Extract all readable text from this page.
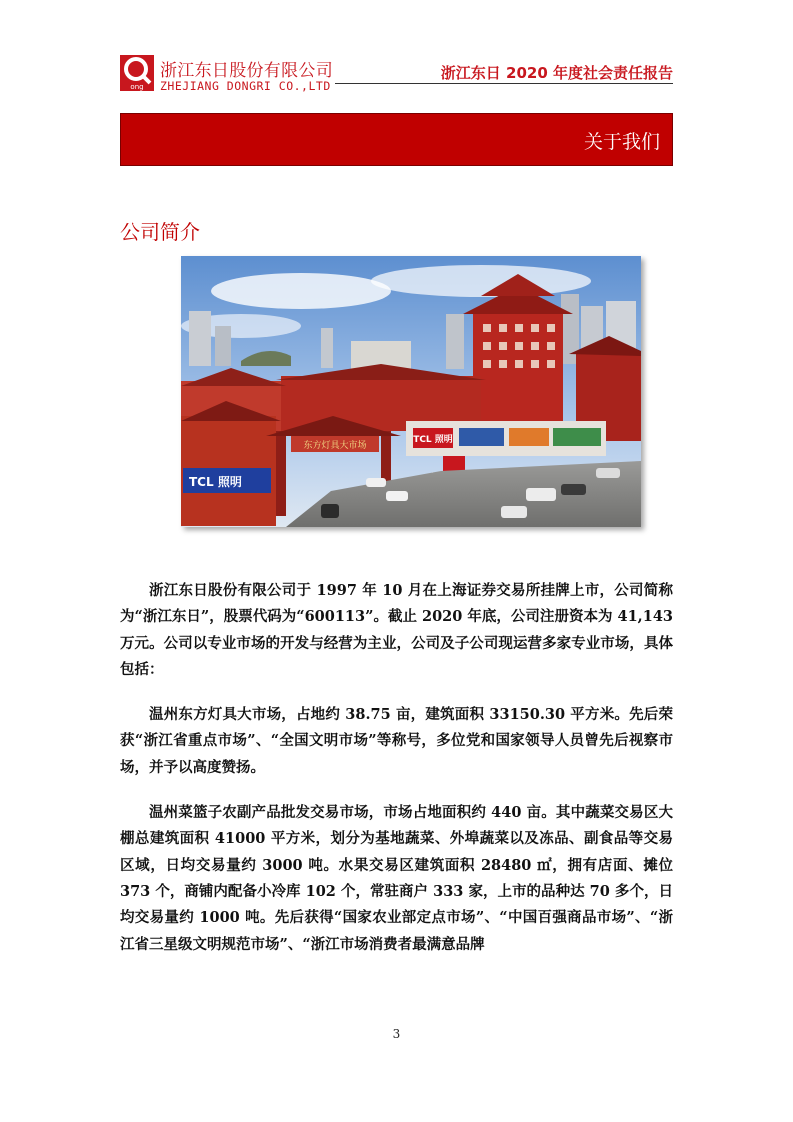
ong
浙江东日股份有限公司
ZHEJIANG DONGRI CO.,LTD
浙江东日 2020 年度社会责任报告
关于我们
公司简介
TCL 照明
东方灯具大市场
TCL 照明

浙江东日股份有限公司于 1997 年 10 月在上海证券交易所挂牌上市，公司简称为“浙江东日”，股票代码为“600113”。截止 2020 年底，公司注册资本为 41,143 万元。公司以专业市场的开发与经营为主业，公司及子公司现运营多家专业市场，具体包括：

温州东方灯具大市场，占地约 38.75 亩，建筑面积 33150.30 平方米。先后荣获“浙江省重点市场”、“全国文明市场”等称号，多位党和国家领导人员曾先后视察市场，并予以高度赞扬。

温州菜篮子农副产品批发交易市场，市场占地面积约 440 亩。其中蔬菜交易区大棚总建筑面积 41000 平方米，划分为基地蔬菜、外埠蔬菜以及冻品、副食品等交易区域，日均交易量约 3000 吨。水果交易区建筑面积 28480 ㎡，拥有店面、摊位 373 个，商铺内配备小冷库 102 个，常驻商户 333 家，上市的品种达 70 多个，日均交易量约 1000 吨。先后获得“国家农业部定点市场”、“中国百强商品市场”、“浙江省三星级文明规范市场”、“浙江市场消费者最满意品牌

3
